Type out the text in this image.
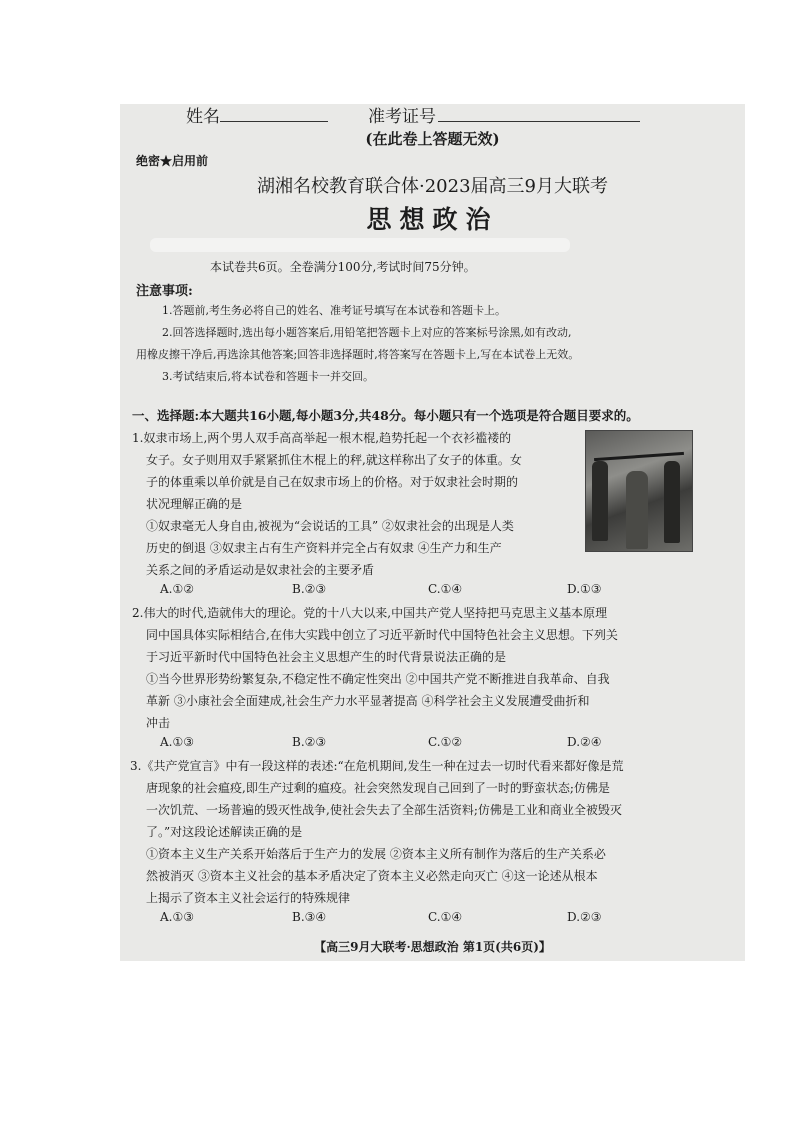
姓名	准考证号
(在此卷上答题无效)
绝密★启用前
湖湘名校教育联合体·2023届高三9月大联考
思想政治
本试卷共6页。全卷满分100分,考试时间75分钟。
注意事项:
1.答题前,考生务必将自己的姓名、准考证号填写在本试卷和答题卡上。
2.回答选择题时,选出每小题答案后,用铅笔把答题卡上对应的答案标号涂黑,如有改动,
用橡皮擦干净后,再选涂其他答案;回答非选择题时,将答案写在答题卡上,写在本试卷上无效。
3.考试结束后,将本试卷和答题卡一并交回。
一、选择题:本大题共16小题,每小题3分,共48分。每小题只有一个选项是符合题目要求的。
1.奴隶市场上,两个男人双手高高举起一根木棍,趋势托起一个衣衫褴褛的
女子。女子则用双手紧紧抓住木棍上的秤,就这样称出了女子的体重。女
子的体重乘以单价就是自己在奴隶市场上的价格。对于奴隶社会时期的
状况理解正确的是
①奴隶毫无人身自由,被视为“会说话的工具” ②奴隶社会的出现是人类
历史的倒退 ③奴隶主占有生产资料并完全占有奴隶 ④生产力和生产
关系之间的矛盾运动是奴隶社会的主要矛盾
A.①②	B.②③	C.①④	D.①③
2.伟大的时代,造就伟大的理论。党的十八大以来,中国共产党人坚持把马克思主义基本原理
同中国具体实际相结合,在伟大实践中创立了习近平新时代中国特色社会主义思想。下列关
于习近平新时代中国特色社会主义思想产生的时代背景说法正确的是
①当今世界形势纷繁复杂,不稳定性不确定性突出 ②中国共产党不断推进自我革命、自我
革新 ③小康社会全面建成,社会生产力水平显著提高 ④科学社会主义发展遭受曲折和
冲击
A.①③	B.②③	C.①②	D.②④
3.《共产党宣言》中有一段这样的表述:“在危机期间,发生一种在过去一切时代看来都好像是荒
唐现象的社会瘟疫,即生产过剩的瘟疫。社会突然发现自己回到了一时的野蛮状态;仿佛是
一次饥荒、一场普遍的毁灭性战争,使社会失去了全部生活资料;仿佛是工业和商业全被毁灭
了。”对这段论述解读正确的是
①资本主义生产关系开始落后于生产力的发展 ②资本主义所有制作为落后的生产关系必
然被消灭 ③资本主义社会的基本矛盾决定了资本主义必然走向灭亡 ④这一论述从根本
上揭示了资本主义社会运行的特殊规律
A.①③	B.③④	C.①④	D.②③
【高三9月大联考·思想政治 第1页(共6页)】
